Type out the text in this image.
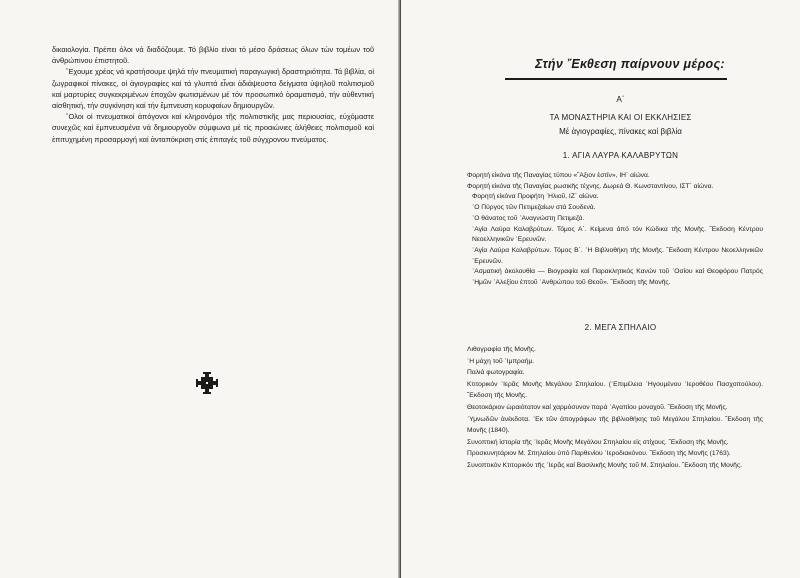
δικαιολογία. Πρέπει όλοι νά διαδόζουμε. Τό βιβλίο είναι τό μέσο δράσεως όλων τών τομέων τοῦ ἀνθρώπινου ἐπιστητοῦ.

῞Εχουμε χρέος νά κρατήσουμε ψηλά τήν πνευματική παραγωγική δραστηριότητα. Τά βιβλία, οἱ ζωγραφικοί πίνακες, οἱ ἁγιογραφίες καί τά γλυπτά εἶναι ἀδιάψευστα δείγματα ὑψηλοῦ πολιτισμοῦ καί μαρτυρίες συγκεκριμένων ἐποχῶν φωτισμένων μέ τόν προσωπικό ὁραματισμό, τήν αὐθεντική αἰσθητική, τήν συγκίνηση καί τήν ἔμπνευση κορυφαίων δημιουργῶν.

῞Ολοι οἱ πνευματικοί ἀπόγονοι καί κληρονόμοι τῆς πολιτιστικῆς μας περιουσίας, εὐχόμαστε συνεχῶς καί ἐμπνευσμένα νά δημιουργοῦν σύμφωνα μέ τίς προαιώνιες ἀλήθειες πολιτισμοῦ καί ἐπιτυχημένη προσαρμογή καί ἀνταπόκριση στίς ἐπιταγές τοῦ σύγχρονου πνεύματος.

Στήν ῎Εκθεση παίρνουν μέρος:
Α΄
ΤΑ ΜΟΝΑΣΤΗΡΙΑ ΚΑΙ ΟΙ ΕΚΚΛΗΣΙΕΣ
Μέ ἁγιογραφίες, πίνακες καί βιβλία
1. ΑΓΙΑ ΛΑΥΡΑ ΚΑΛΑΒΡΥΤΩΝ

Φορητή εἰκόνα τῆς Παναγίας τύπου «῎Αξιον ἐστίν», ΙΗ΄ αἰώνα.

Φορητή εἰκόνα τῆς Παναγίας ρωσικῆς τέχνης. Δωρεά Θ. Κωνσταντίνου, ΙΣΤ΄ αἰώνα.

Φορητή εἰκόνα Προφήτη ῾Ηλιοῦ, ΙΖ΄ αἰώνα.

῾Ο Πύργος τῶν Πετιμεζαίων στά Σουδενά.

῾Ο θάνατος τοῦ ᾿Αναγνώστη Πετιμεζά.

῾Αγία Λαύρα Καλαβρύτων. Τόμος Α΄. Κείμενα ἀπό τόν Κώδικα τῆς Μονῆς. ῎Εκδοση Κέντρου Νεοελληνικῶν ᾿Ερευνῶν.

῾Αγία Λαύρα Καλαβρύτων. Τόμος Β΄. ῾Η Βιβλιοθήκη τῆς Μονῆς. ῎Εκδοση Κέντρου Νεοελληνικῶν ᾿Ερευνῶν.

᾿Ασματική ἀκολουθία — Βιογραφία καί Παρακλητικός Κανών τοῦ ῾Οσίου καί Θεοφόρου Πατρός ῾Ημῶν ᾿Αλεξίου ἐπτοῦ ᾿Ανθρώπου τοῦ Θεοῦ». ῎Εκδοση τῆς Μονῆς.

2. ΜΕΓΑ ΣΠΗΛΑΙΟ

Λιθογραφία τῆς Μονῆς.

῾Η μάχη τοῦ ᾿Ιμπραήμ.

Παλιά φωτογραφία.

Κτιτορικόν ῾Ιερᾶς Μονῆς Μεγάλου Σπηλαίου. (᾿Επιμέλεια ῾Ηγουμένου ῾Ιεροθέου Πασχοπούλου). ῎Εκδοση τῆς Μονῆς.

Θεοτοκάριον ὡραιότατον καί χαρμόσυνον παρά ᾿Αγαπίου μοναχοῦ. ῎Εκδοση τῆς Μονῆς.

῾Υμνωδῶν ἀνέκδοτα. ᾿Εκ τῶν ἀπογράφων τῆς βιβλιοθήκης τοῦ Μεγάλου Σπηλαίου. ῎Εκδοση τῆς Μονῆς (1840).

Συνοπτική ἱστορία τῆς ῾Ιερᾶς Μονῆς Μεγάλου Σπηλαίου εἰς στίχους. ῎Εκδοση τῆς Μονῆς.

Προσκυνητάριον Μ. Σπηλαίου ὑπό Παρθενίου ῾Ιεροδιακόνου. ῎Εκδοση τῆς Μονῆς (1763).

Συνοπτικόν Κτιτορικόν τῆς ῾Ιερᾶς καί Βασιλικῆς Μονῆς τοῦ Μ. Σπηλαίου. ῎Εκδοση τῆς Μονῆς.
